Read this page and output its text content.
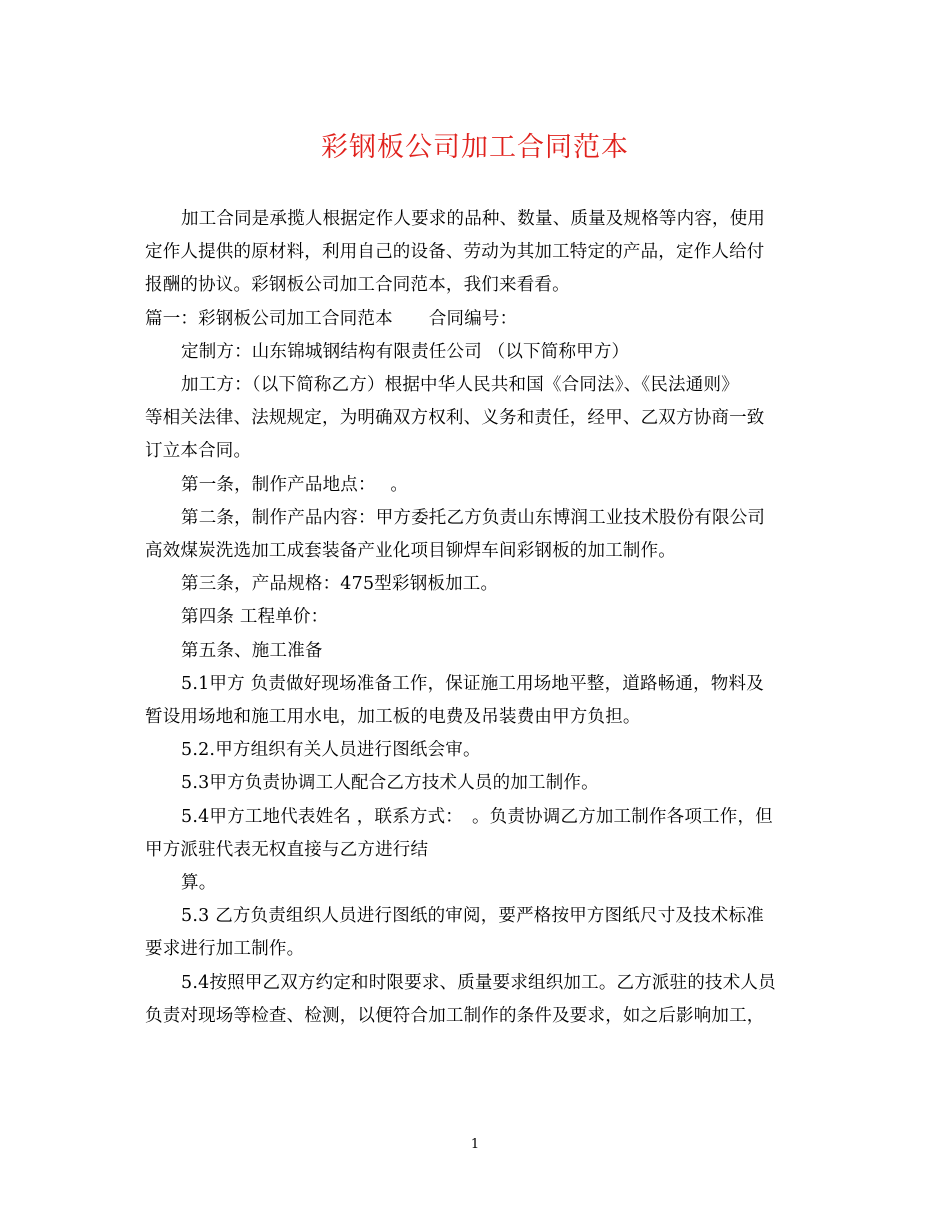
彩钢板公司加工合同范本

加工合同是承揽人根据定作人要求的品种、数量、质量及规格等内容，使用

定作人提供的原材料，利用自己的设备、劳动为其加工特定的产品，定作人给付

报酬的协议。彩钢板公司加工合同范本，我们来看看。

篇一：彩钢板公司加工合同范本 合同编号：

定制方：山东锦城钢结构有限责任公司 （以下简称甲方）

加工方：（以下简称乙方）根据中华人民共和国《合同法》、《民法通则》

等相关法律、法规规定，为明确双方权利、义务和责任，经甲、乙双方协商一致

订立本合同。

第一条，制作产品地点：　 。

第二条，制作产品内容：甲方委托乙方负责山东博润工业技术股份有限公司

高效煤炭洗选加工成套装备产业化项目铆焊车间彩钢板的加工制作。

第三条，产品规格：475型彩钢板加工。

第四条 工程单价：

第五条、施工准备

5.1甲方 负责做好现场准备工作，保证施工用场地平整，道路畅通，物料及

暂设用场地和施工用水电，加工板的电费及吊装费由甲方负担。

5.2.甲方组织有关人员进行图纸会审。

5.3甲方负责协调工人配合乙方技术人员的加工制作。

5.4甲方工地代表姓名 ，联系方式：　。负责协调乙方加工制作各项工作，但

甲方派驻代表无权直接与乙方进行结

算。

5.3 乙方负责组织人员进行图纸的审阅，要严格按甲方图纸尺寸及技术标准

要求进行加工制作。

5.4按照甲乙双方约定和时限要求、质量要求组织加工。乙方派驻的技术人员

负责对现场等检查、检测，以便符合加工制作的条件及要求，如之后影响加工，

1
